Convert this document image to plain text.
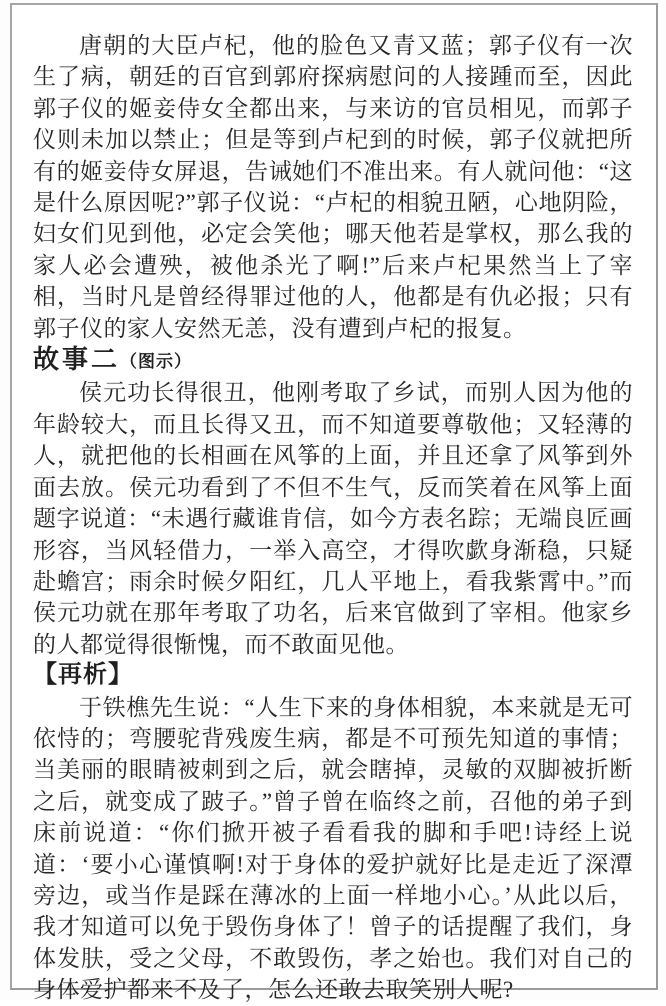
唐朝的大臣卢杞，他的脸色又青又蓝；郭子仪有一次生了病，朝廷的百官到郭府探病慰问的人接踵而至，因此郭子仪的姬妾侍女全都出来，与来访的官员相见，而郭子仪则未加以禁止；但是等到卢杞到的时候，郭子仪就把所有的姬妾侍女屏退，告诫她们不准出来。有人就问他：“这是什么原因呢?”郭子仪说：“卢杞的相貌丑陋，心地阴险，妇女们见到他，必定会笑他；哪天他若是掌权，那么我的家人必会遭殃，被他杀光了啊!”后来卢杞果然当上了宰相，当时凡是曾经得罪过他的人，他都是有仇必报；只有郭子仪的家人安然无恙，没有遭到卢杞的报复。

故事二（图示）

侯元功长得很丑，他刚考取了乡试，而别人因为他的年龄较大，而且长得又丑，而不知道要尊敬他；又轻薄的人，就把他的长相画在风筝的上面，并且还拿了风筝到外面去放。侯元功看到了不但不生气，反而笑着在风筝上面题字说道：“未遇行藏谁肯信，如今方表名踪；无端良匠画形容，当风轻借力，一举入高空，才得吹歔身渐稳，只疑赴蟾宫；雨余时候夕阳红，几人平地上，看我紫霄中。”而侯元功就在那年考取了功名，后来官做到了宰相。他家乡的人都觉得很惭愧，而不敢面见他。

【再析】

于铁樵先生说：“人生下来的身体相貌，本来就是无可依恃的；弯腰驼背残废生病，都是不可预先知道的事情；当美丽的眼睛被刺到之后，就会瞎掉，灵敏的双脚被折断之后，就变成了跛子。”曾子曾在临终之前，召他的弟子到床前说道：“你们掀开被子看看我的脚和手吧!诗经上说道：‘要小心谨慎啊!对于身体的爱护就好比是走近了深潭旁边，或当作是踩在薄冰的上面一样地小心。’从此以后，我才知道可以免于毁伤身体了！曾子的话提醒了我们，身体发肤，受之父母，不敢毁伤，孝之始也。我们对自己的身体爱护都来不及了，怎么还敢去取笑别人呢?
